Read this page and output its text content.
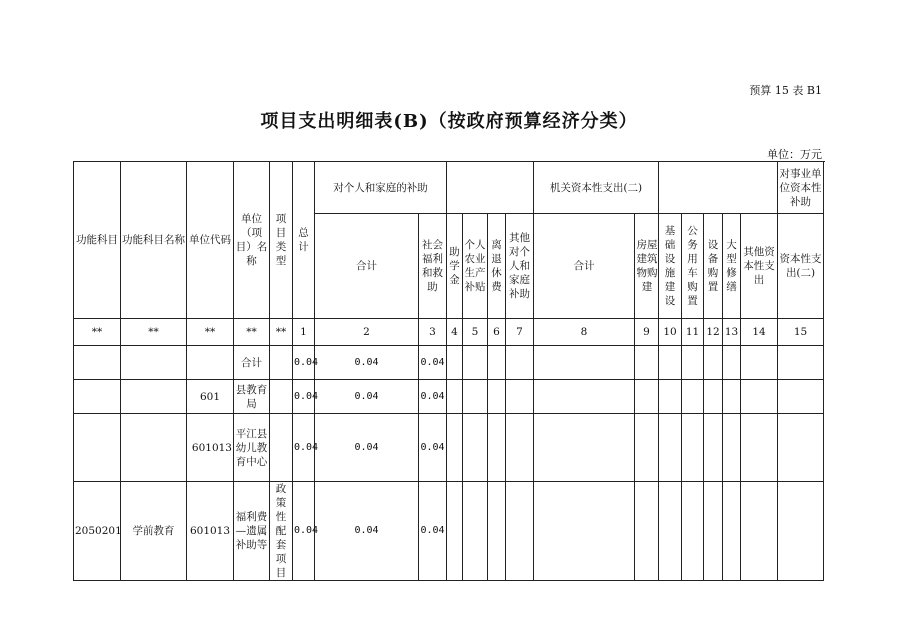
预算 15 表 B1
项目支出明细表(B)（按政府预算经济分类）
单位：万元
功能科目	功能科目名称	单位代码	单位（项目）名称	项目类型	总计	对个人和家庭的补助						机关资本性支出(二)							对事业单位资本性补助
						合计	社会福利和救助	助学金	个人农业生产补贴	离退休费	其他对个人和家庭补助	合计	房屋建筑物购建	基础设施建设	公务用车购置	设备购置	大型修缮	其他资本性支出	资本性支出(二)
**	**	**	**	**	1	2	3	4	5	6	7	8	9	10	11	12	13	14	15
			合计		0.04	0.04	0.04												
		601	县教育局		0.04	0.04	0.04												
		601013	平江县幼儿教育中心		0.04	0.04	0.04												
2050201	学前教育	601013	福利费—遗属补助等	政策性配套项目	0.04	0.04	0.04												
